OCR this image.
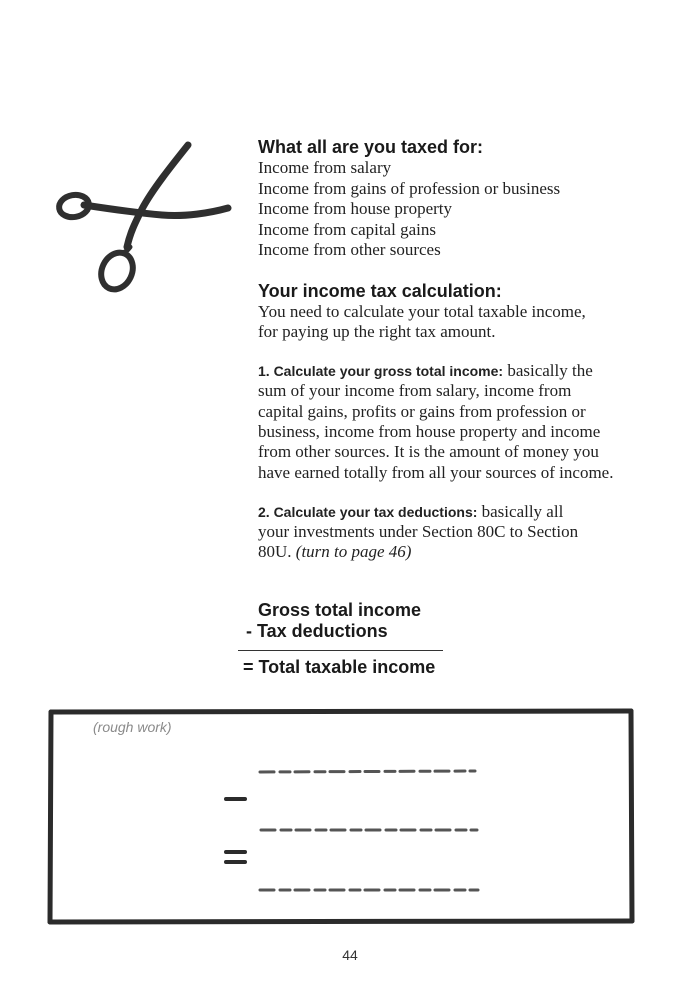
What all are you taxed for:
Income from salary
Income from gains of profession or business
Income from house property
Income from capital gains
Income from other sources
Your income tax calculation:
You need to calculate your total taxable income, for paying up the right tax amount.
1. Calculate your gross total income: basically the sum of your income from salary, income from capital gains, profits or gains from profession or business, income from house property and income from other sources. It is the amount of money you have earned totally from all your sources of income.
2. Calculate your tax deductions: basically all your investments under Section 80C to Section 80U. (turn to page 46)
Gross total income
- Tax deductions
= Total taxable income
(rough work)
44
